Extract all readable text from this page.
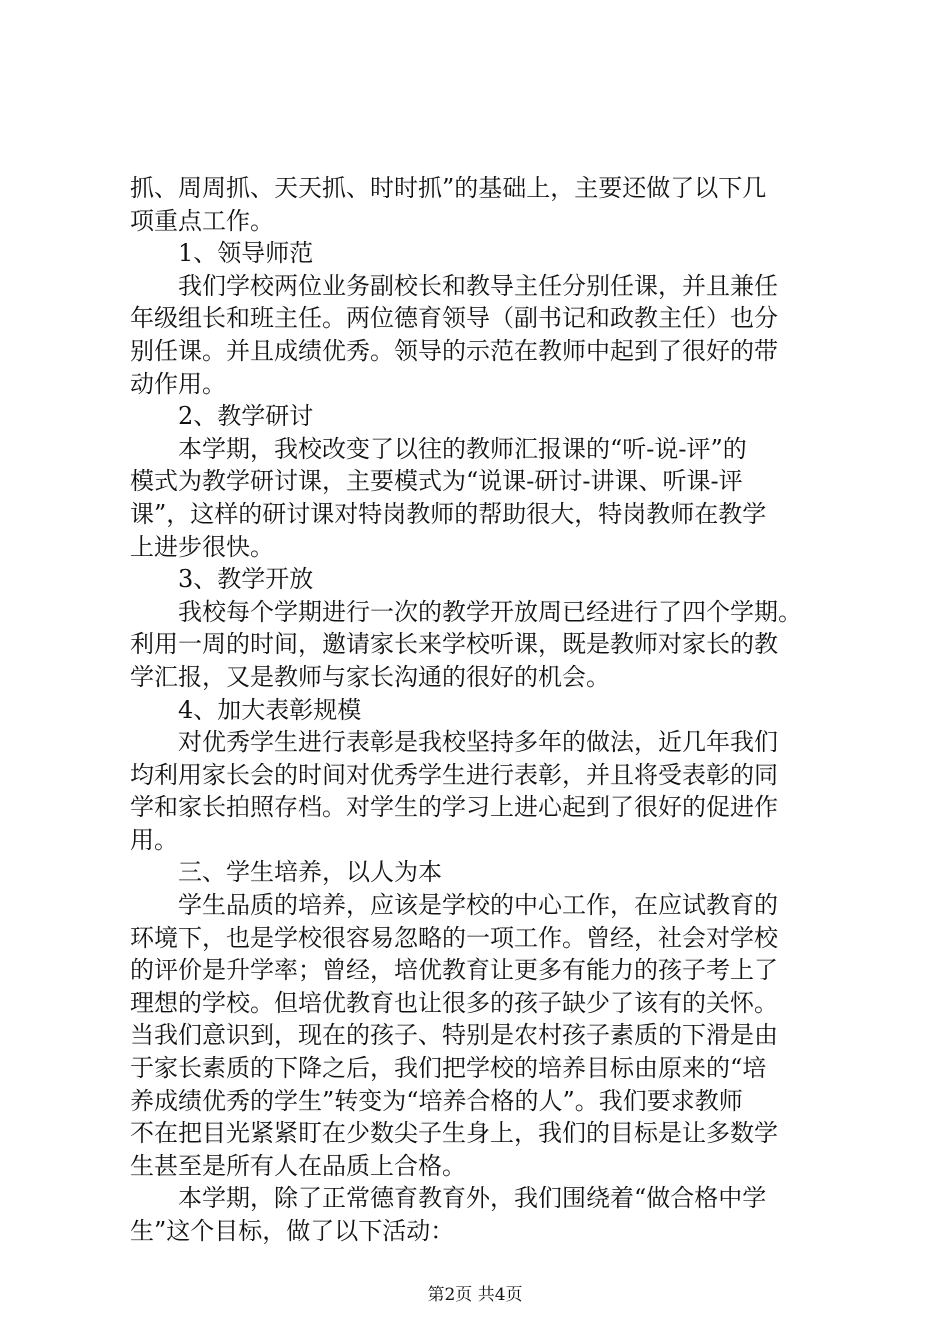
抓、周周抓、天天抓、时时抓”的基础上，主要还做了以下几
项重点工作。
1、领导师范
我们学校两位业务副校长和教导主任分别任课，并且兼任
年级组长和班主任。两位德育领导（副书记和政教主任）也分
别任课。并且成绩优秀。领导的示范在教师中起到了很好的带
动作用。
2、教学研讨
本学期，我校改变了以往的教师汇报课的“听-说-评”的
模式为教学研讨课，主要模式为“说课-研讨-讲课、听课-评
课”，这样的研讨课对特岗教师的帮助很大，特岗教师在教学
上进步很快。
3、教学开放
我校每个学期进行一次的教学开放周已经进行了四个学期。
利用一周的时间，邀请家长来学校听课，既是教师对家长的教
学汇报，又是教师与家长沟通的很好的机会。
4、加大表彰规模
对优秀学生进行表彰是我校坚持多年的做法，近几年我们
均利用家长会的时间对优秀学生进行表彰，并且将受表彰的同
学和家长拍照存档。对学生的学习上进心起到了很好的促进作
用。
三、学生培养，以人为本
学生品质的培养，应该是学校的中心工作，在应试教育的
环境下，也是学校很容易忽略的一项工作。曾经，社会对学校
的评价是升学率；曾经，培优教育让更多有能力的孩子考上了
理想的学校。但培优教育也让很多的孩子缺少了该有的关怀。
当我们意识到，现在的孩子、特别是农村孩子素质的下滑是由
于家长素质的下降之后，我们把学校的培养目标由原来的“培
养成绩优秀的学生”转变为“培养合格的人”。我们要求教师
不在把目光紧紧盯在少数尖子生身上，我们的目标是让多数学
生甚至是所有人在品质上合格。
本学期，除了正常德育教育外，我们围绕着“做合格中学
生”这个目标，做了以下活动：
第2页 共4页
